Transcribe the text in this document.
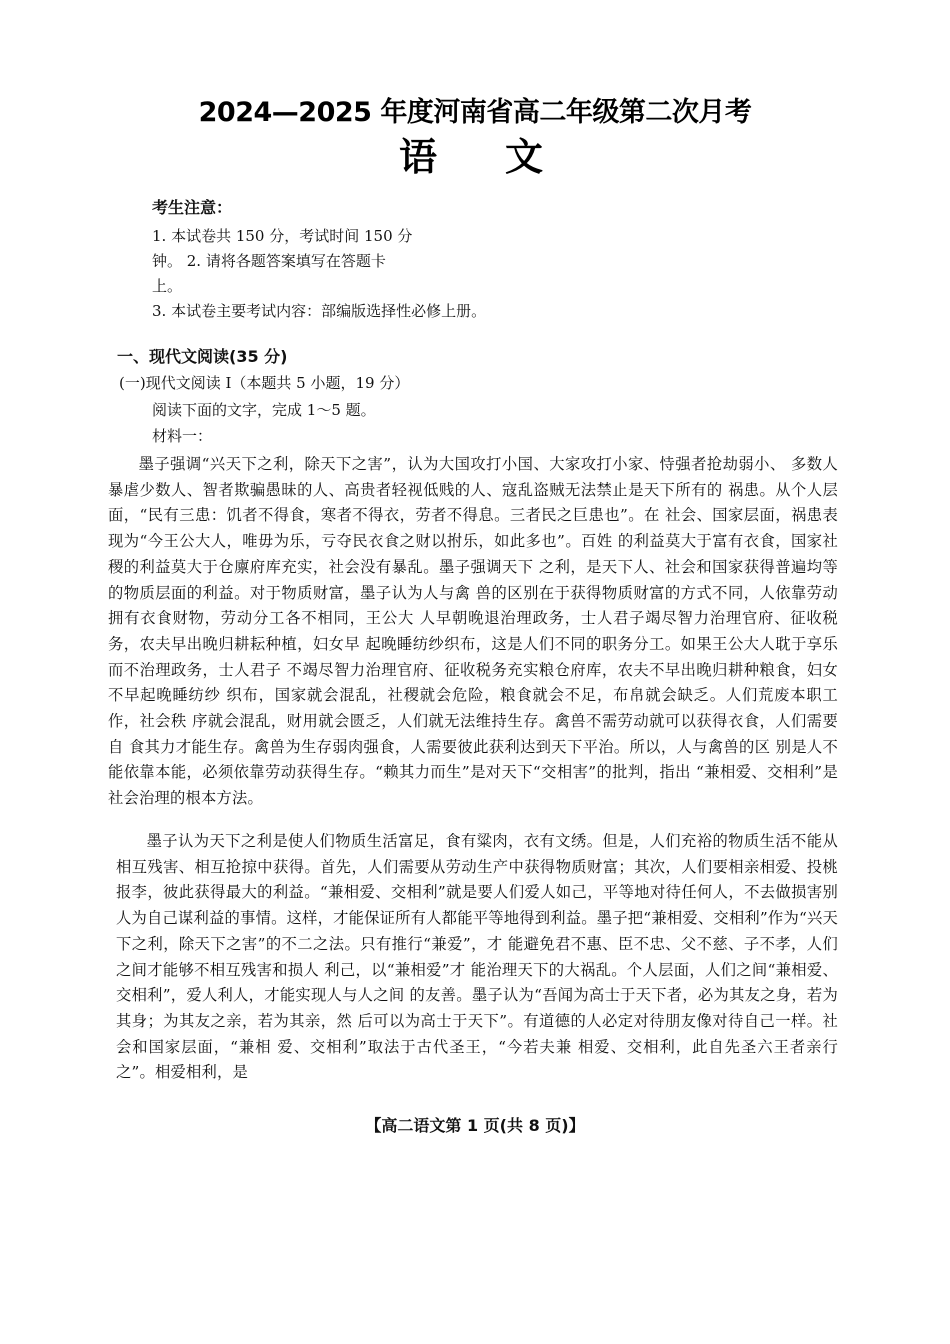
2024—2025 年度河南省高二年级第二次月考
语文
考生注意：
1. 本试卷共 150 分，考试时间 150 分
钟。 2. 请将各题答案填写在答题卡
上。
3. 本试卷主要考试内容：部编版选择性必修上册。
一、现代文阅读(35 分)
(一)现代文阅读 I（本题共 5 小题，19 分）
阅读下面的文字，完成 1～5 题。
材料一：
墨子强调“兴天下之利，除天下之害”，认为大国攻打小国、大家攻打小家、恃强者抢劫弱小、 多数人暴虐少数人、智者欺骗愚昧的人、高贵者轻视低贱的人、寇乱盗贼无法禁止是天下所有的 祸患。从个人层面，“民有三患：饥者不得食，寒者不得衣，劳者不得息。三者民之巨患也”。在 社会、国家层面，祸患表现为“今王公大人，唯毋为乐，亏夺民衣食之财以拊乐，如此多也”。百姓 的利益莫大于富有衣食，国家社稷的利益莫大于仓廪府库充实，社会没有暴乱。墨子强调天下 之利，是天下人、社会和国家获得普遍均等的物质层面的利益。对于物质财富，墨子认为人与禽 兽的区别在于获得物质财富的方式不同，人依靠劳动拥有衣食财物，劳动分工各不相同，王公大 人早朝晚退治理政务，士人君子竭尽智力治理官府、征收税务，农夫早出晚归耕耘种植，妇女早 起晚睡纺纱织布，这是人们不同的职务分工。如果王公大人耽于享乐而不治理政务，士人君子 不竭尽智力治理官府、征收税务充实粮仓府库，农夫不早出晚归耕种粮食，妇女不早起晚睡纺纱 织布，国家就会混乱，社稷就会危险，粮食就会不足，布帛就会缺乏。人们荒废本职工作，社会秩 序就会混乱，财用就会匮乏，人们就无法维持生存。禽兽不需劳动就可以获得衣食，人们需要自 食其力才能生存。禽兽为生存弱肉强食，人需要彼此获利达到天下平治。所以，人与禽兽的区 别是人不能依靠本能，必须依靠劳动获得生存。“赖其力而生”是对天下“交相害”的批判，指出 “兼相爱、交相利”是社会治理的根本方法。
墨子认为天下之利是使人们物质生活富足，食有粱肉，衣有文绣。但是，人们充裕的物质生活不能从相互残害、相互抢掠中获得。首先，人们需要从劳动生产中获得物质财富；其次，人们要相亲相爱、投桃报李，彼此获得最大的利益。“兼相爱、交相利”就是要人们爱人如己，平等地对待任何人，不去做损害别人为自己谋利益的事情。这样，才能保证所有人都能平等地得到利益。墨子把“兼相爱、交相利”作为“兴天下之利，除天下之害”的不二之法。只有推行“兼爱”，才 能避免君不惠、臣不忠、父不慈、子不孝，人们之间才能够不相互残害和损人 利己，以“兼相爱”才 能治理天下的大祸乱。个人层面，人们之间“兼相爱、交相利”，爱人利人，才能实现人与人之间 的友善。墨子认为“吾闻为高士于天下者，必为其友之身，若为其身；为其友之亲，若为其亲，然 后可以为高士于天下”。有道德的人必定对待朋友像对待自己一样。社会和国家层面，“兼相 爱、交相利”取法于古代圣王，“今若夫兼 相爱、交相利，此自先圣六王者亲行之”。相爱相利，是
【高二语文第 1 页(共 8 页)】
